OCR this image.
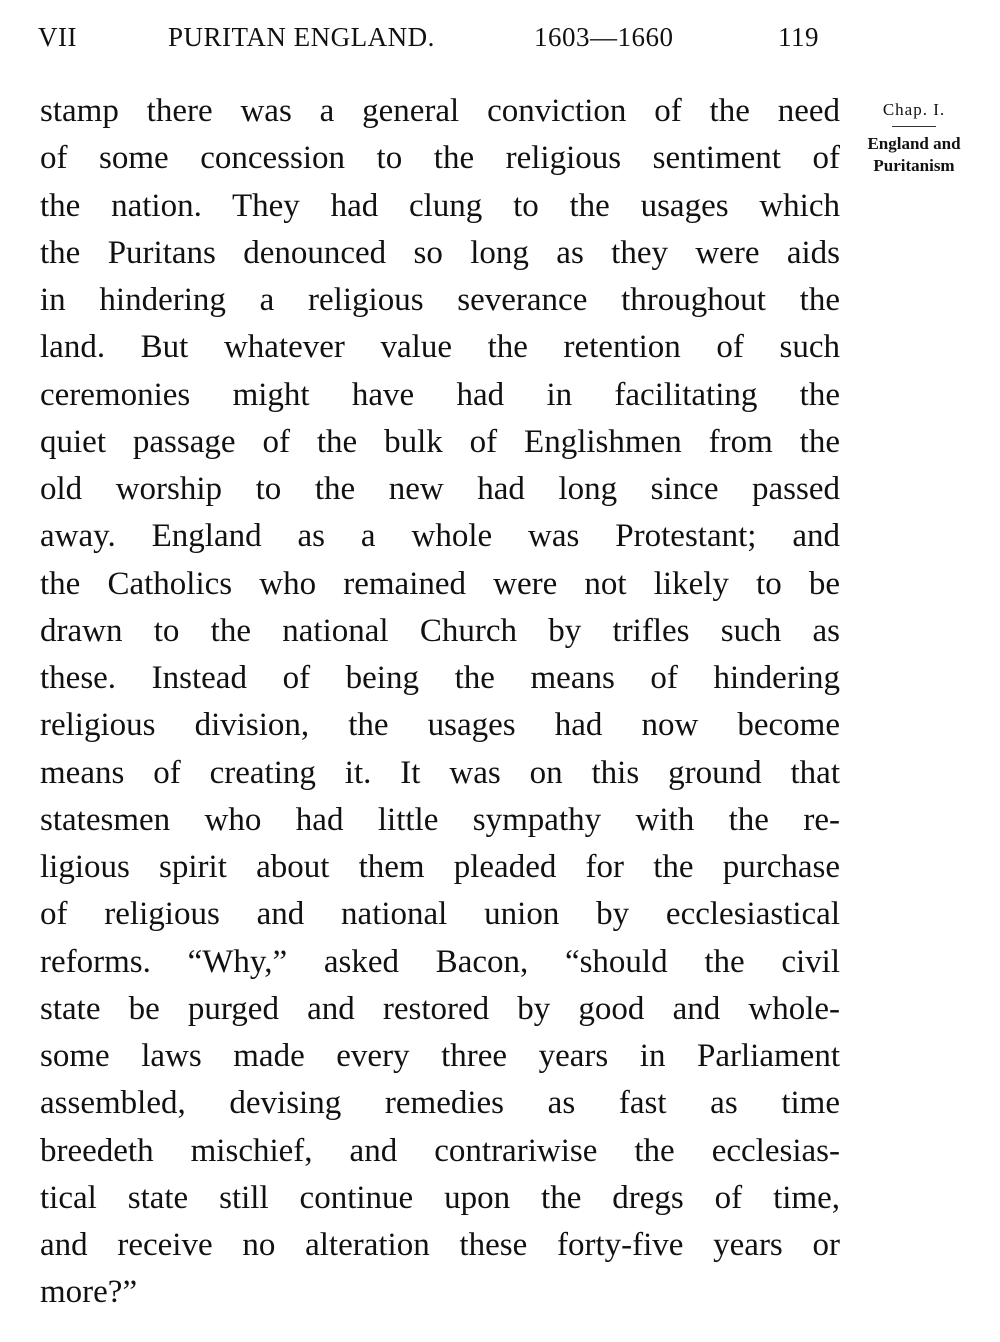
VII	PURITAN ENGLAND.	1603—1660	119
Chap. I.
England and Puritanism
stamp there was a general conviction of the need
of some concession to the religious sentiment of
the nation. They had clung to the usages which
the Puritans denounced so long as they were aids
in hindering a religious severance throughout the
land. But whatever value the retention of such
ceremonies might have had in facilitating the
quiet passage of the bulk of Englishmen from the
old worship to the new had long since passed
away. England as a whole was Protestant; and
the Catholics who remained were not likely to be
drawn to the national Church by trifles such as
these. Instead of being the means of hindering
religious division, the usages had now become
means of creating it. It was on this ground that
statesmen who had little sympathy with the re-
ligious spirit about them pleaded for the purchase
of religious and national union by ecclesiastical
reforms. “Why,” asked Bacon, “should the civil
state be purged and restored by good and whole-
some laws made every three years in Parliament
assembled, devising remedies as fast as time
breedeth mischief, and contrariwise the ecclesias-
tical state still continue upon the dregs of time,
and receive no alteration these forty-five years or
more?”
